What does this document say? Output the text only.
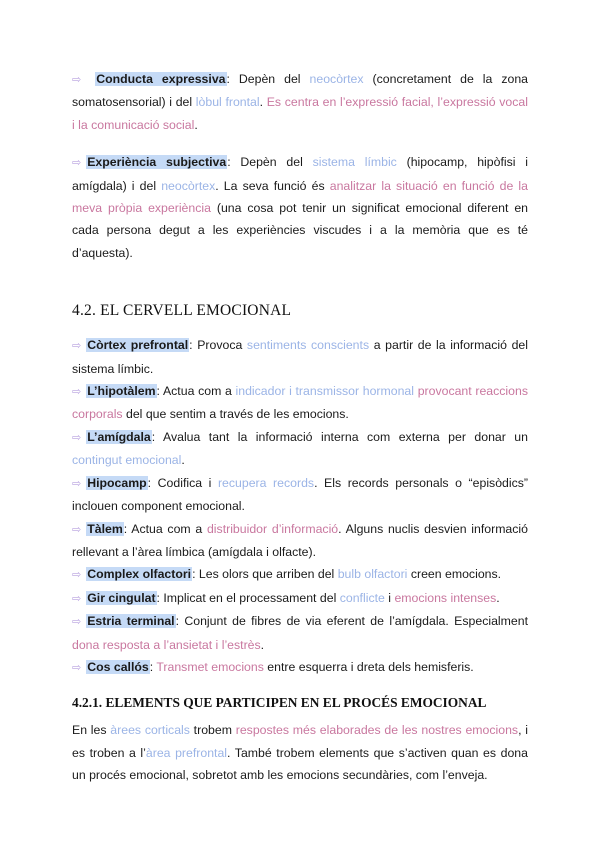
⇨ Conducta expressiva: Depèn del neocòrtex (concretament de la zona somatosensorial) i del lòbul frontal. Es centra en l’expressió facial, l’expressió vocal i la comunicació social.

⇨ Experiència subjectiva: Depèn del sistema límbic (hipocamp, hipòfisi i amígdala) i del neocòrtex. La seva funció és analitzar la situació en funció de la meva pròpia experiència (una cosa pot tenir un significat emocional diferent en cada persona degut a les experiències viscudes i a la memòria que es té d’aquesta).

4.2. EL CERVELL EMOCIONAL

⇨ Còrtex prefrontal: Provoca sentiments conscients a partir de la informació del sistema límbic.

⇨ L’hipotàlem: Actua com a indicador i transmissor hormonal provocant reaccions corporals del que sentim a través de les emocions.

⇨ L’amígdala: Avalua tant la informació interna com externa per donar un contingut emocional.

⇨ Hipocamp: Codifica i recupera records. Els records personals o “episòdics” inclouen component emocional.

⇨ Tàlem: Actua com a distribuidor d’informació. Alguns nuclis desvien informació rellevant a l’àrea límbica (amígdala i olfacte).

⇨ Complex olfactori: Les olors que arriben del bulb olfactori creen emocions.

⇨ Gir cingulat: Implicat en el processament del conflicte i emocions intenses.

⇨ Estria terminal: Conjunt de fibres de via eferent de l’amígdala. Especialment dona resposta a l’ansietat i l’estrès.

⇨ Cos callós: Transmet emocions entre esquerra i dreta dels hemisferis.

4.2.1. ELEMENTS QUE PARTICIPEN EN EL PROCÉS EMOCIONAL

En les àrees corticals trobem respostes més elaborades de les nostres emocions, i es troben a l’àrea prefrontal. També trobem elements que s’activen quan es dona un procés emocional, sobretot amb les emocions secundàries, com l’enveja.
